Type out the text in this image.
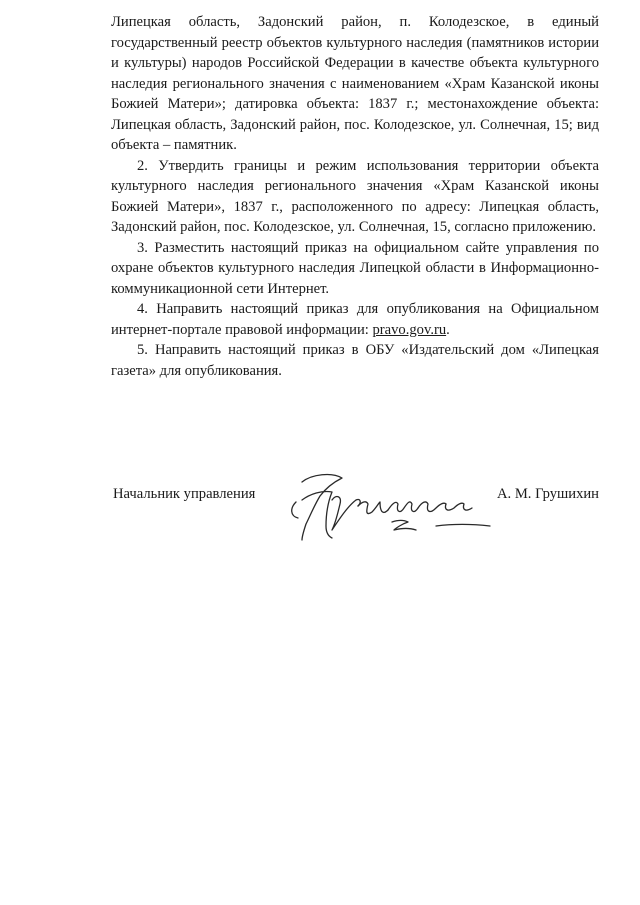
Липецкая область, Задонский район, п. Колодезское, в единый государственный реестр объектов культурного наследия (памятников истории и культуры) народов Российской Федерации в качестве объекта культурного наследия регионального значения с наименованием «Храм Казанской иконы Божией Матери»; датировка объекта: 1837 г.; местонахождение объекта: Липецкая область, Задонский район, пос. Колодезское, ул. Солнечная, 15; вид объекта – памятник.

2. Утвердить границы и режим использования территории объекта культурного наследия регионального значения «Храм Казанской иконы Божией Матери», 1837 г., расположенного по адресу: Липецкая область, Задонский район, пос. Колодезское, ул. Солнечная, 15, согласно приложению.

3. Разместить настоящий приказ на официальном сайте управления по охране объектов культурного наследия Липецкой области в Информационно-коммуникационной сети Интернет.

4. Направить настоящий приказ для опубликования на Официальном интернет-портале правовой информации: pravo.gov.ru.

5. Направить настоящий приказ в ОБУ «Издательский дом «Липецкая газета» для опубликования.

Начальник управления	А. М. Грушихин
